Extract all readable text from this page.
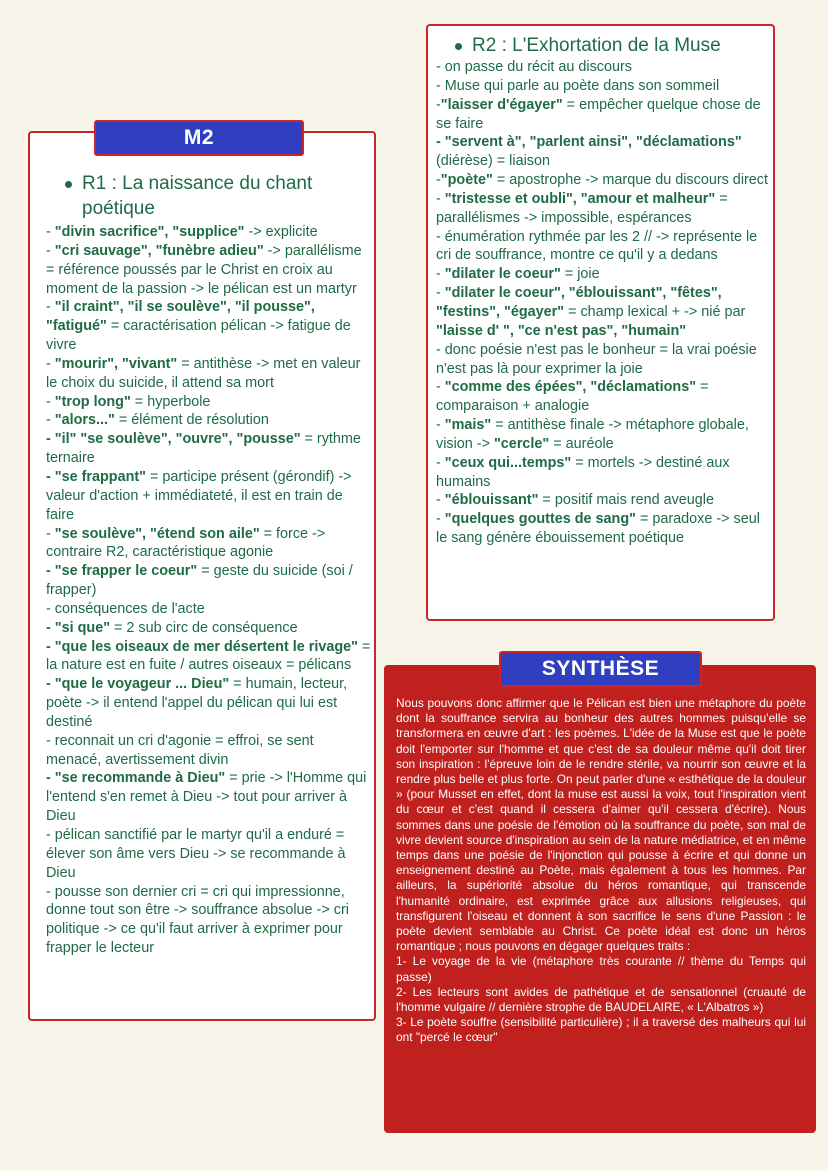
R1 : La naissance du chant poétique

- "divin sacrifice", "supplice" -> explicite

- "cri sauvage", "funèbre adieu" -> parallélisme = référence poussés par le Christ en croix au moment de la passion -> le pélican est un martyr

- "il craint", "il se soulève", "il pousse", "fatigué" = caractérisation pélican -> fatigue de vivre

- "mourir", "vivant" = antithèse -> met en valeur le choix du suicide, il attend sa mort

- "trop long" = hyperbole

- "alors..." = élément de résolution

- "il" "se soulève", "ouvre", "pousse" = rythme ternaire

- "se frappant" = participe présent (gérondif) -> valeur d'action + immédiateté, il est en train de faire

- "se soulève", "étend son aile" = force -> contraire R2, caractéristique agonie

- "se frapper le coeur" = geste du suicide (soi / frapper)

- conséquences de l'acte

- "si que" = 2 sub circ de conséquence

- "que les oiseaux de mer désertent le rivage" = la nature est en fuite / autres oiseaux = pélicans

- "que le voyageur ... Dieu" = humain, lecteur, poète -> il entend l'appel du pélican qui lui est destiné

- reconnait un cri d'agonie = effroi, se sent menacé, avertissement divin

- "se recommande à Dieu" = prie -> l'Homme qui l'entend s'en remet à Dieu -> tout pour arriver à Dieu

- pélican sanctifié par le martyr qu'il a enduré = élever son âme vers Dieu -> se recommande à Dieu

- pousse son dernier cri = cri qui impressionne, donne tout son être -> souffrance absolue -> cri politique -> ce qu'il faut arriver à exprimer pour frapper le lecteur

M2
R2 : L'Exhortation de la Muse

- on passe du récit au discours

- Muse qui parle au poète dans son sommeil

-"laisser d'égayer" = empêcher quelque chose de se faire

- "servent à", "parlent ainsi", "déclamations" (diérèse) = liaison

-"poète" = apostrophe -> marque du discours direct

- "tristesse et oubli", "amour et malheur" = parallélismes -> impossible, espérances

- énumération rythmée par les 2 // -> représente le cri de souffrance, montre ce qu'il y a dedans

- "dilater le coeur" = joie

- "dilater le coeur", "éblouissant", "fêtes", "festins", "égayer" = champ lexical + -> nié par "laisse d' ", "ce n'est pas", "humain"

- donc poésie n'est pas le bonheur = la vrai poésie n'est pas là pour exprimer la joie

- "comme des épées", "déclamations" = comparaison + analogie

- "mais" = antithèse finale -> métaphore globale, vision -> "cercle" = auréole

- "ceux qui...temps" = mortels -> destiné aux humains

- "éblouissant" = positif mais rend aveugle

- "quelques gouttes de sang" = paradoxe -> seul le sang génère ébouissement poétique

Nous pouvons donc affirmer que le Pélican est bien une métaphore du poète dont la souffrance servira au bonheur des autres hommes puisqu'elle se transformera en œuvre d'art : les poèmes. L'idée de la Muse est que le poète doit l'emporter sur l'homme et que c'est de sa douleur même qu'il doit tirer son inspiration : l'épreuve loin de le rendre stérile, va nourrir son œuvre et la rendre plus belle et plus forte. On peut parler d'une « esthétique de la douleur » (pour Musset en effet, dont la muse est aussi la voix, tout l'inspiration vient du cœur et c'est quand il cessera d'aimer qu'il cessera d'écrire). Nous sommes dans une poésie de l'émotion où la souffrance du poète, son mal de vivre devient source d'inspiration au sein de la nature médiatrice, et en même temps dans une poésie de l'injonction qui pousse à écrire et qui donne un enseignement destiné au Poète, mais également à tous les hommes. Par ailleurs, la supériorité absolue du héros romantique, qui transcende l'humanité ordinaire, est exprimée grâce aux allusions religieuses, qui transfigurent l'oiseau et donnent à son sacrifice le sens d'une Passion : le poète devient semblable au Christ. Ce poète idéal est donc un héros romantique ; nous pouvons en dégager quelques traits :

1- Le voyage de la vie (métaphore très courante // thème du Temps qui passe)

2- Les lecteurs sont avides de pathétique et de sensationnel (cruauté de l'homme vulgaire // dernière strophe de BAUDELAIRE, « L'Albatros »)

3- Le poète souffre (sensibilité particulière) ; il a traversé des malheurs qui lui ont "percé le cœur"

SYNTHÈSE
